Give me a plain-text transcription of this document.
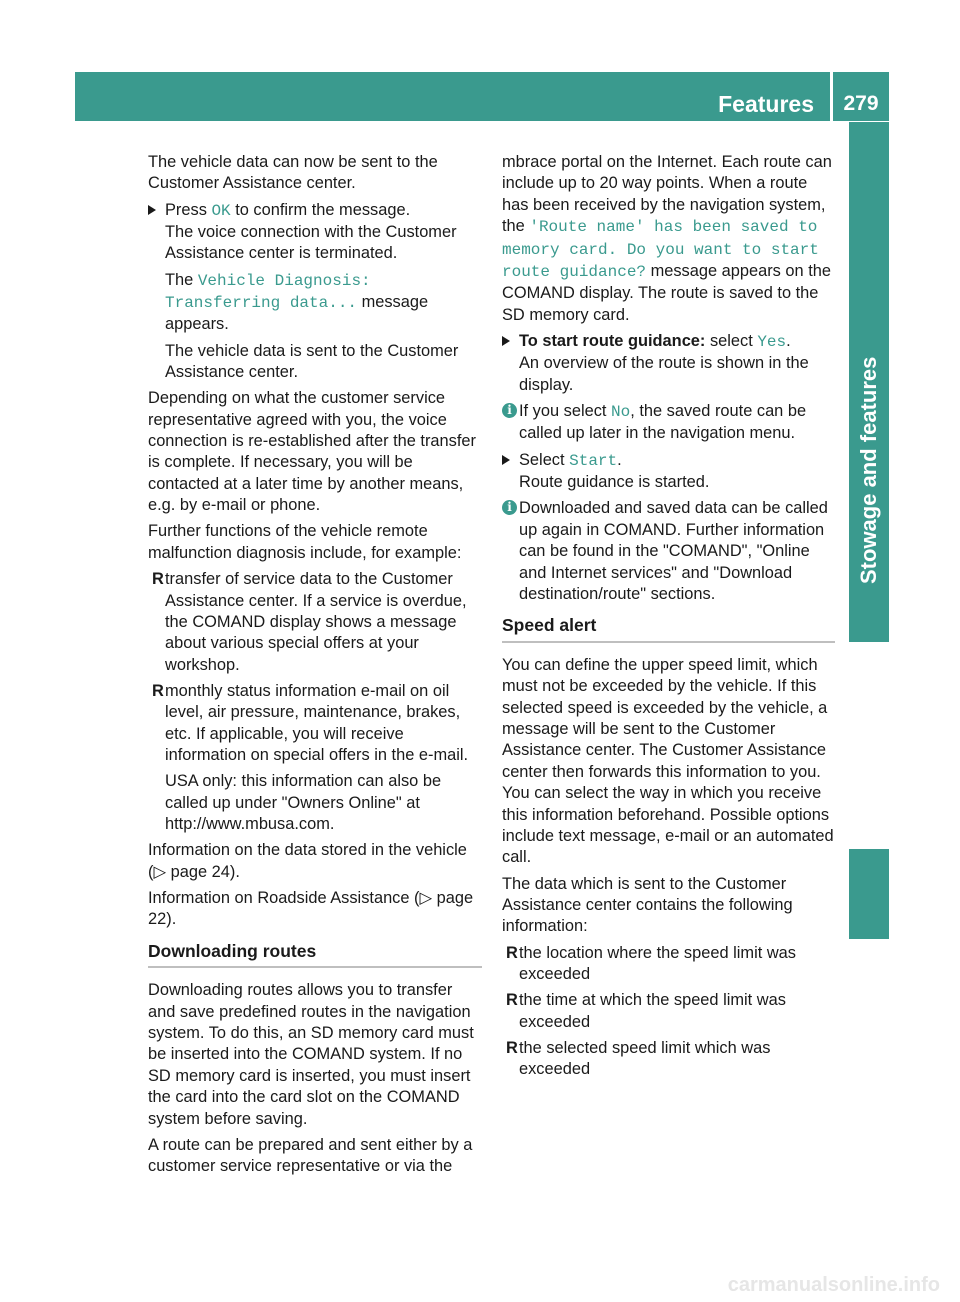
Features	279
Stowage and features

The vehicle data can now be sent to the Customer Assistance center.

Press OK to confirm the message.
The voice connection with the Customer Assistance center is terminated.
The Vehicle Diagnosis: Transferring data... message appears.
The vehicle data is sent to the Customer Assistance center.

Depending on what the customer service representative agreed with you, the voice connection is re-established after the transfer is complete. If necessary, you will be contacted at a later time by another means, e.g. by e-mail or phone.

Further functions of the vehicle remote malfunction diagnosis include, for example:

R transfer of service data to the Customer Assistance center. If a service is overdue, the COMAND display shows a message about various special offers at your workshop.
R monthly status information e-mail on oil level, air pressure, maintenance, brakes, etc. If applicable, you will receive information on special offers in the e-mail.
USA only: this information can also be called up under "Owners Online" at http://www.mbusa.com.

Information on the data stored in the vehicle (▷ page 24).

Information on Roadside Assistance (▷ page 22).

Downloading routes

Downloading routes allows you to transfer and save predefined routes in the navigation system. To do this, an SD memory card must be inserted into the COMAND system. If no SD memory card is inserted, you must insert the card into the card slot on the COMAND system before saving.

A route can be prepared and sent either by a customer service representative or via the

mbrace portal on the Internet. Each route can include up to 20 way points. When a route has been received by the navigation system, the 'Route name' has been saved to memory card. Do you want to start route guidance? message appears on the COMAND display. The route is saved to the SD memory card.

To start route guidance: select Yes.
An overview of the route is shown in the display.
i If you select No, the saved route can be called up later in the navigation menu.
Select Start.
Route guidance is started.
i Downloaded and saved data can be called up again in COMAND. Further information can be found in the "COMAND", "Online and Internet services" and "Download destination/route" sections.
Speed alert

You can define the upper speed limit, which must not be exceeded by the vehicle. If this selected speed is exceeded by the vehicle, a message will be sent to the Customer Assistance center. The Customer Assistance center then forwards this information to you. You can select the way in which you receive this information beforehand. Possible options include text message, e-mail or an automated call.

The data which is sent to the Customer Assistance center contains the following information:

R the location where the speed limit was exceeded
R the time at which the speed limit was exceeded
R the selected speed limit which was exceeded
carmanualsonline.info
